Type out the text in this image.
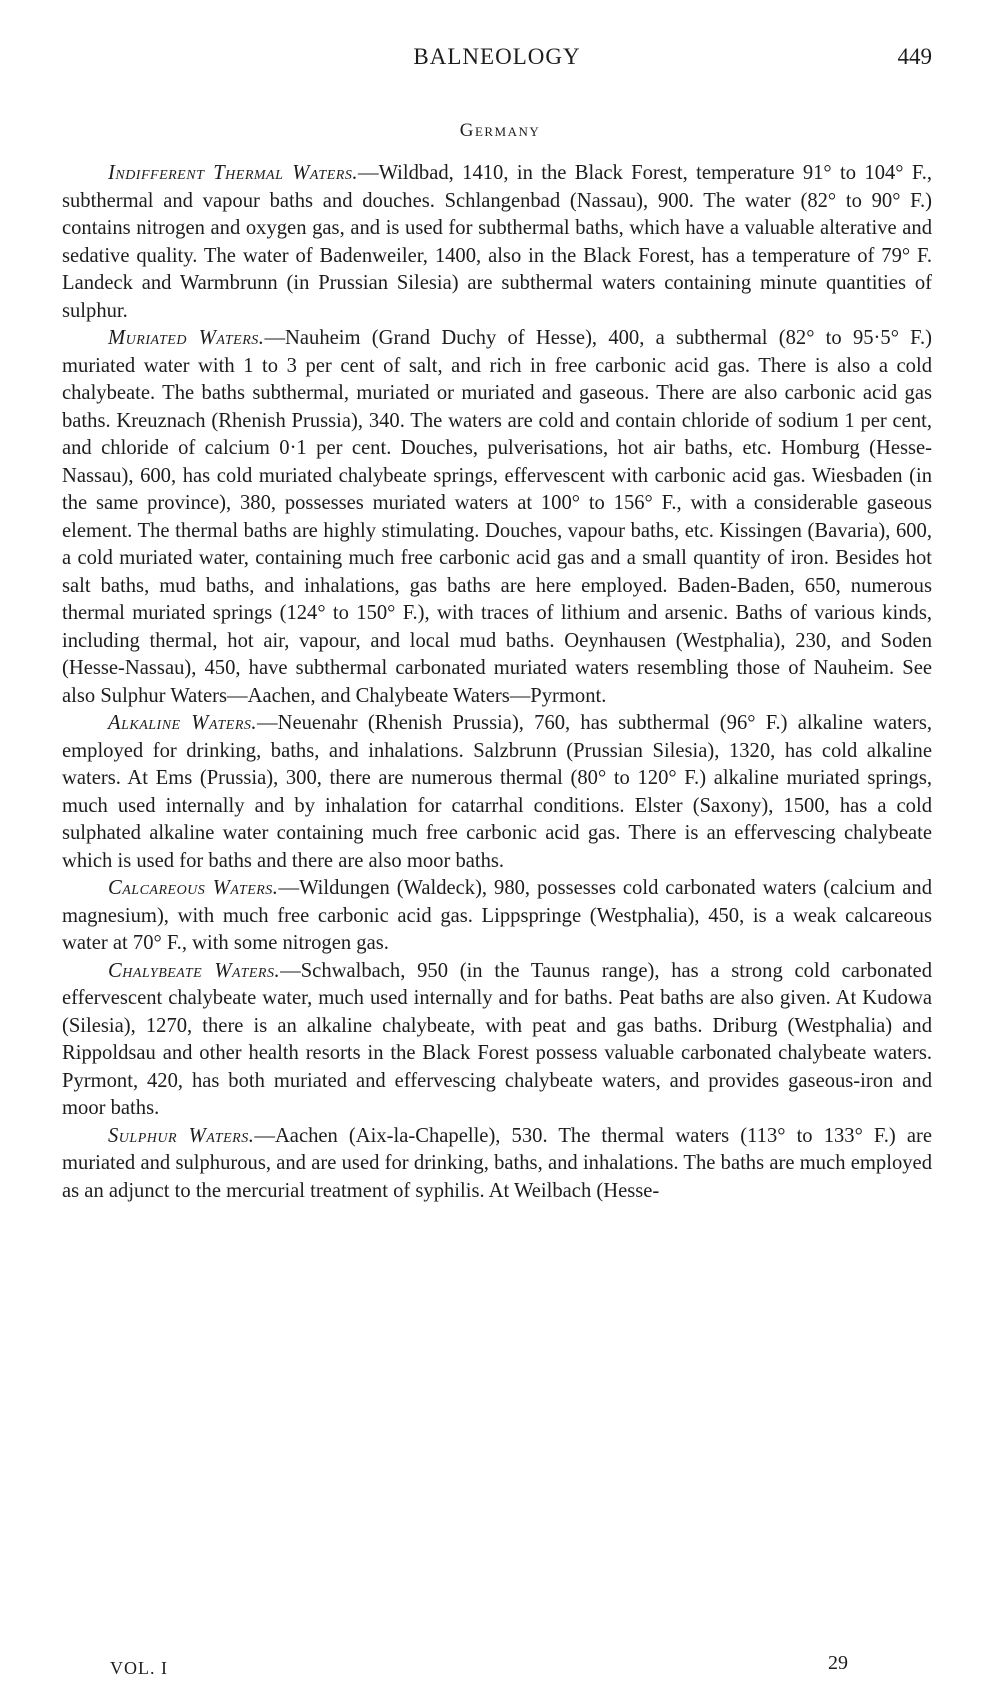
BALNEOLOGY	449
Germany

Indifferent Thermal Waters.—Wildbad, 1410, in the Black Forest, temperature 91° to 104° F., subthermal and vapour baths and douches. Schlangenbad (Nassau), 900. The water (82° to 90° F.) contains nitrogen and oxygen gas, and is used for subthermal baths, which have a valuable alterative and sedative quality. The water of Badenweiler, 1400, also in the Black Forest, has a temperature of 79° F. Landeck and Warmbrunn (in Prussian Silesia) are subthermal waters containing minute quantities of sulphur.

Muriated Waters.—Nauheim (Grand Duchy of Hesse), 400, a subthermal (82° to 95·5° F.) muriated water with 1 to 3 per cent of salt, and rich in free carbonic acid gas. There is also a cold chalybeate. The baths subthermal, muriated or muriated and gaseous. There are also carbonic acid gas baths. Kreuznach (Rhenish Prussia), 340. The waters are cold and contain chloride of sodium 1 per cent, and chloride of calcium 0·1 per cent. Douches, pulverisations, hot air baths, etc. Homburg (Hesse-Nassau), 600, has cold muriated chalybeate springs, effervescent with carbonic acid gas. Wiesbaden (in the same province), 380, possesses muriated waters at 100° to 156° F., with a considerable gaseous element. The thermal baths are highly stimulating. Douches, vapour baths, etc. Kissingen (Bavaria), 600, a cold muriated water, containing much free carbonic acid gas and a small quantity of iron. Besides hot salt baths, mud baths, and inhalations, gas baths are here employed. Baden-Baden, 650, numerous thermal muriated springs (124° to 150° F.), with traces of lithium and arsenic. Baths of various kinds, including thermal, hot air, vapour, and local mud baths. Oeynhausen (Westphalia), 230, and Soden (Hesse-Nassau), 450, have subthermal carbonated muriated waters resembling those of Nauheim. See also Sulphur Waters—Aachen, and Chalybeate Waters—Pyrmont.

Alkaline Waters.—Neuenahr (Rhenish Prussia), 760, has subthermal (96° F.) alkaline waters, employed for drinking, baths, and inhalations. Salzbrunn (Prussian Silesia), 1320, has cold alkaline waters. At Ems (Prussia), 300, there are numerous thermal (80° to 120° F.) alkaline muriated springs, much used internally and by inhalation for catarrhal conditions. Elster (Saxony), 1500, has a cold sulphated alkaline water containing much free carbonic acid gas. There is an effervescing chalybeate which is used for baths and there are also moor baths.

Calcareous Waters.—Wildungen (Waldeck), 980, possesses cold carbonated waters (calcium and magnesium), with much free carbonic acid gas. Lippspringe (Westphalia), 450, is a weak calcareous water at 70° F., with some nitrogen gas.

Chalybeate Waters.—Schwalbach, 950 (in the Taunus range), has a strong cold carbonated effervescent chalybeate water, much used internally and for baths. Peat baths are also given. At Kudowa (Silesia), 1270, there is an alkaline chalybeate, with peat and gas baths. Driburg (Westphalia) and Rippoldsau and other health resorts in the Black Forest possess valuable carbonated chalybeate waters. Pyrmont, 420, has both muriated and effervescing chalybeate waters, and provides gaseous-iron and moor baths.

Sulphur Waters.—Aachen (Aix-la-Chapelle), 530. The thermal waters (113° to 133° F.) are muriated and sulphurous, and are used for drinking, baths, and inhalations. The baths are much employed as an adjunct to the mercurial treatment of syphilis. At Weilbach (Hesse-

VOL. I	29
